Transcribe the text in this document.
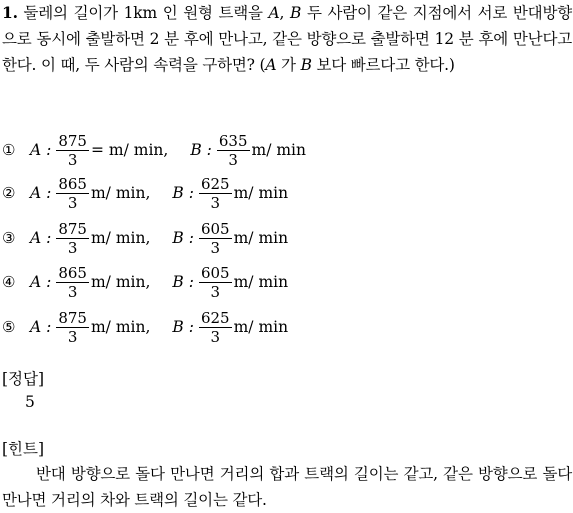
1. 둘레의 길이가 1km 인 원형 트랙을 A, B 두 사람이 같은 지점에서 서로 반대방향으로 동시에 출발하면 2 분 후에 만나고, 같은 방향으로 출발하면 12 분 후에 만난다고 한다. 이 때, 두 사람의 속력을 구하면? (A 가 B 보다 빠르다고 한다.)
① A : $\frac{875}{3} = m/$ min, B : $\frac{635}{3} m/$ min
② A : $\frac{865}{3} m/$ min, B : $\frac{625}{3} m/$ min
③ A : $\frac{875}{3} m/$ min, B : $\frac{605}{3} m/$ min
④ A : $\frac{865}{3} m/$ min, B : $\frac{605}{3} m/$ min
⑤ A : $\frac{875}{3} m/$ min, B : $\frac{625}{3} m/$ min
[정답]
5
[힌트]
반대 방향으로 돌다 만나면 거리의 합과 트랙의 길이는 같고, 같은 방향으로 돌다 만나면 거리의 차와 트랙의 길이는 같다.
